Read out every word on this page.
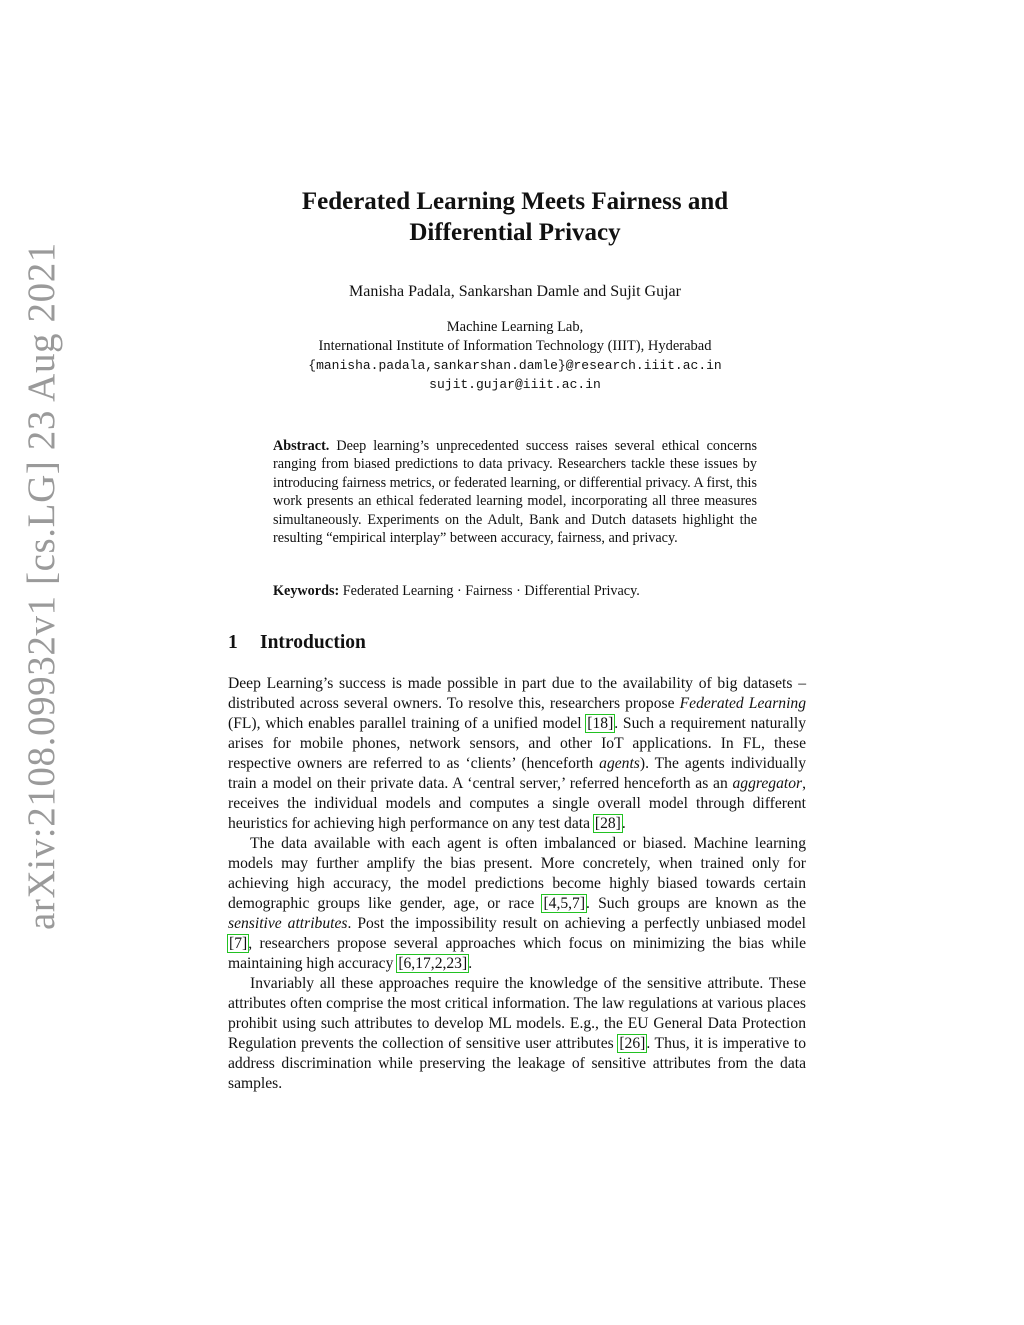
arXiv:2108.09932v1 [cs.LG] 23 Aug 2021
Federated Learning Meets Fairness and
Differential Privacy
Manisha Padala, Sankarshan Damle and Sujit Gujar
Machine Learning Lab,
International Institute of Information Technology (IIIT), Hyderabad
{manisha.padala,sankarshan.damle}@research.iiit.ac.in
sujit.gujar@iiit.ac.in
Abstract. Deep learning’s unprecedented success raises several ethical concerns ranging from biased predictions to data privacy. Researchers tackle these issues by introducing fairness metrics, or federated learning, or differential privacy. A first, this work presents an ethical federated learning model, incorporating all three measures simultaneously. Experiments on the Adult, Bank and Dutch datasets highlight the resulting “empirical interplay” between accuracy, fairness, and privacy.
Keywords: Federated Learning · Fairness · Differential Privacy.
1 Introduction

Deep Learning’s success is made possible in part due to the availability of big datasets – distributed across several owners. To resolve this, researchers propose Federated Learning (FL), which enables parallel training of a unified model [18]. Such a requirement naturally arises for mobile phones, network sensors, and other IoT applications. In FL, these respective owners are referred to as ‘clients’ (henceforth agents). The agents individually train a model on their private data. A ‘central server,’ referred henceforth as an aggregator, receives the individual models and computes a single overall model through different heuristics for achieving high performance on any test data [28].

The data available with each agent is often imbalanced or biased. Machine learning models may further amplify the bias present. More concretely, when trained only for achieving high accuracy, the model predictions become highly biased towards certain demographic groups like gender, age, or race [4,5,7]. Such groups are known as the sensitive attributes. Post the impossibility result on achieving a perfectly unbiased model [7], researchers propose several approaches which focus on minimizing the bias while maintaining high accuracy [6,17,2,23].

Invariably all these approaches require the knowledge of the sensitive attribute. These attributes often comprise the most critical information. The law regulations at various places prohibit using such attributes to develop ML models. E.g., the EU General Data Protection Regulation prevents the collection of sensitive user attributes [26]. Thus, it is imperative to address discrimination while preserving the leakage of sensitive attributes from the data samples.
